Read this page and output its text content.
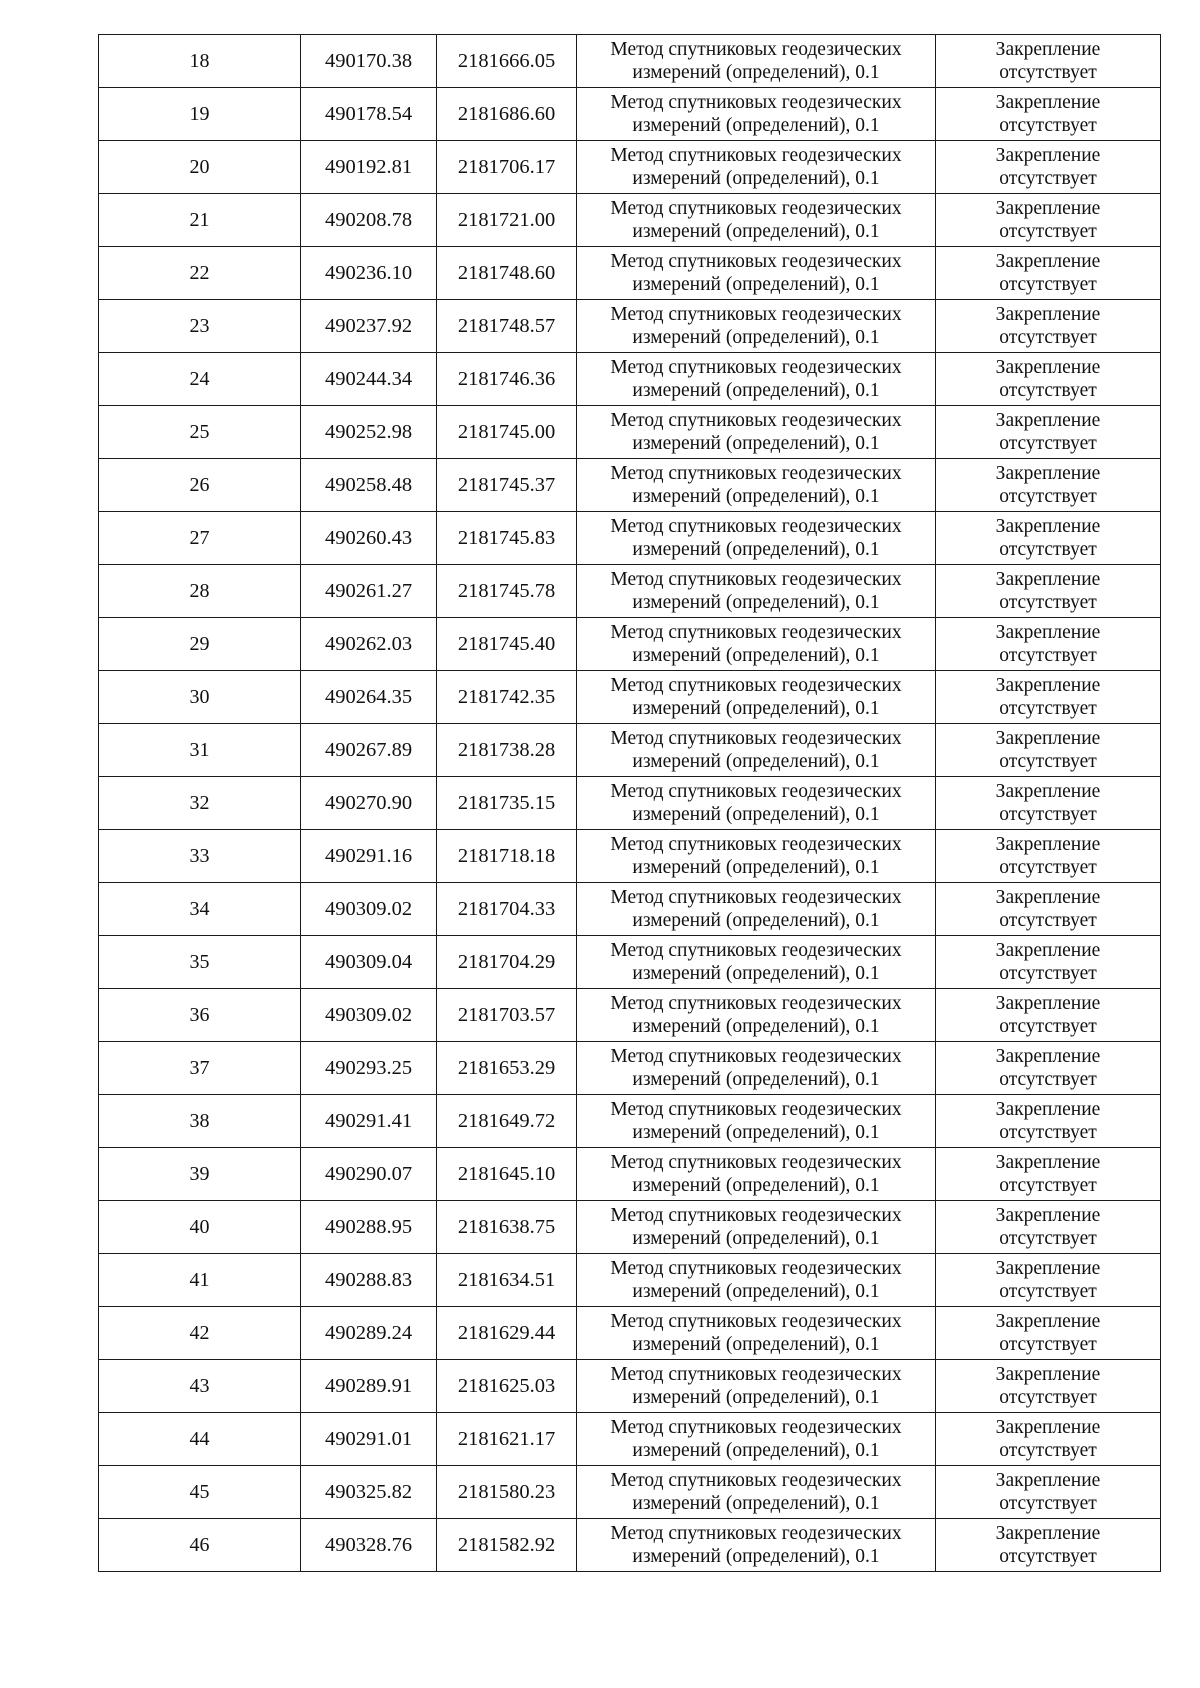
18	490170.38	2181666.05	Метод спутниковых геодезических
измерений (определений), 0.1	Закрепление
отсутствует

19	490178.54	2181686.60	Метод спутниковых геодезических
измерений (определений), 0.1	Закрепление
отсутствует

20	490192.81	2181706.17	Метод спутниковых геодезических
измерений (определений), 0.1	Закрепление
отсутствует

21	490208.78	2181721.00	Метод спутниковых геодезических
измерений (определений), 0.1	Закрепление
отсутствует

22	490236.10	2181748.60	Метод спутниковых геодезических
измерений (определений), 0.1	Закрепление
отсутствует

23	490237.92	2181748.57	Метод спутниковых геодезических
измерений (определений), 0.1	Закрепление
отсутствует

24	490244.34	2181746.36	Метод спутниковых геодезических
измерений (определений), 0.1	Закрепление
отсутствует

25	490252.98	2181745.00	Метод спутниковых геодезических
измерений (определений), 0.1	Закрепление
отсутствует

26	490258.48	2181745.37	Метод спутниковых геодезических
измерений (определений), 0.1	Закрепление
отсутствует

27	490260.43	2181745.83	Метод спутниковых геодезических
измерений (определений), 0.1	Закрепление
отсутствует

28	490261.27	2181745.78	Метод спутниковых геодезических
измерений (определений), 0.1	Закрепление
отсутствует

29	490262.03	2181745.40	Метод спутниковых геодезических
измерений (определений), 0.1	Закрепление
отсутствует

30	490264.35	2181742.35	Метод спутниковых геодезических
измерений (определений), 0.1	Закрепление
отсутствует

31	490267.89	2181738.28	Метод спутниковых геодезических
измерений (определений), 0.1	Закрепление
отсутствует

32	490270.90	2181735.15	Метод спутниковых геодезических
измерений (определений), 0.1	Закрепление
отсутствует

33	490291.16	2181718.18	Метод спутниковых геодезических
измерений (определений), 0.1	Закрепление
отсутствует

34	490309.02	2181704.33	Метод спутниковых геодезических
измерений (определений), 0.1	Закрепление
отсутствует

35	490309.04	2181704.29	Метод спутниковых геодезических
измерений (определений), 0.1	Закрепление
отсутствует

36	490309.02	2181703.57	Метод спутниковых геодезических
измерений (определений), 0.1	Закрепление
отсутствует

37	490293.25	2181653.29	Метод спутниковых геодезических
измерений (определений), 0.1	Закрепление
отсутствует

38	490291.41	2181649.72	Метод спутниковых геодезических
измерений (определений), 0.1	Закрепление
отсутствует

39	490290.07	2181645.10	Метод спутниковых геодезических
измерений (определений), 0.1	Закрепление
отсутствует

40	490288.95	2181638.75	Метод спутниковых геодезических
измерений (определений), 0.1	Закрепление
отсутствует

41	490288.83	2181634.51	Метод спутниковых геодезических
измерений (определений), 0.1	Закрепление
отсутствует

42	490289.24	2181629.44	Метод спутниковых геодезических
измерений (определений), 0.1	Закрепление
отсутствует

43	490289.91	2181625.03	Метод спутниковых геодезических
измерений (определений), 0.1	Закрепление
отсутствует

44	490291.01	2181621.17	Метод спутниковых геодезических
измерений (определений), 0.1	Закрепление
отсутствует

45	490325.82	2181580.23	Метод спутниковых геодезических
измерений (определений), 0.1	Закрепление
отсутствует

46	490328.76	2181582.92	Метод спутниковых геодезических
измерений (определений), 0.1	Закрепление
отсутствует
